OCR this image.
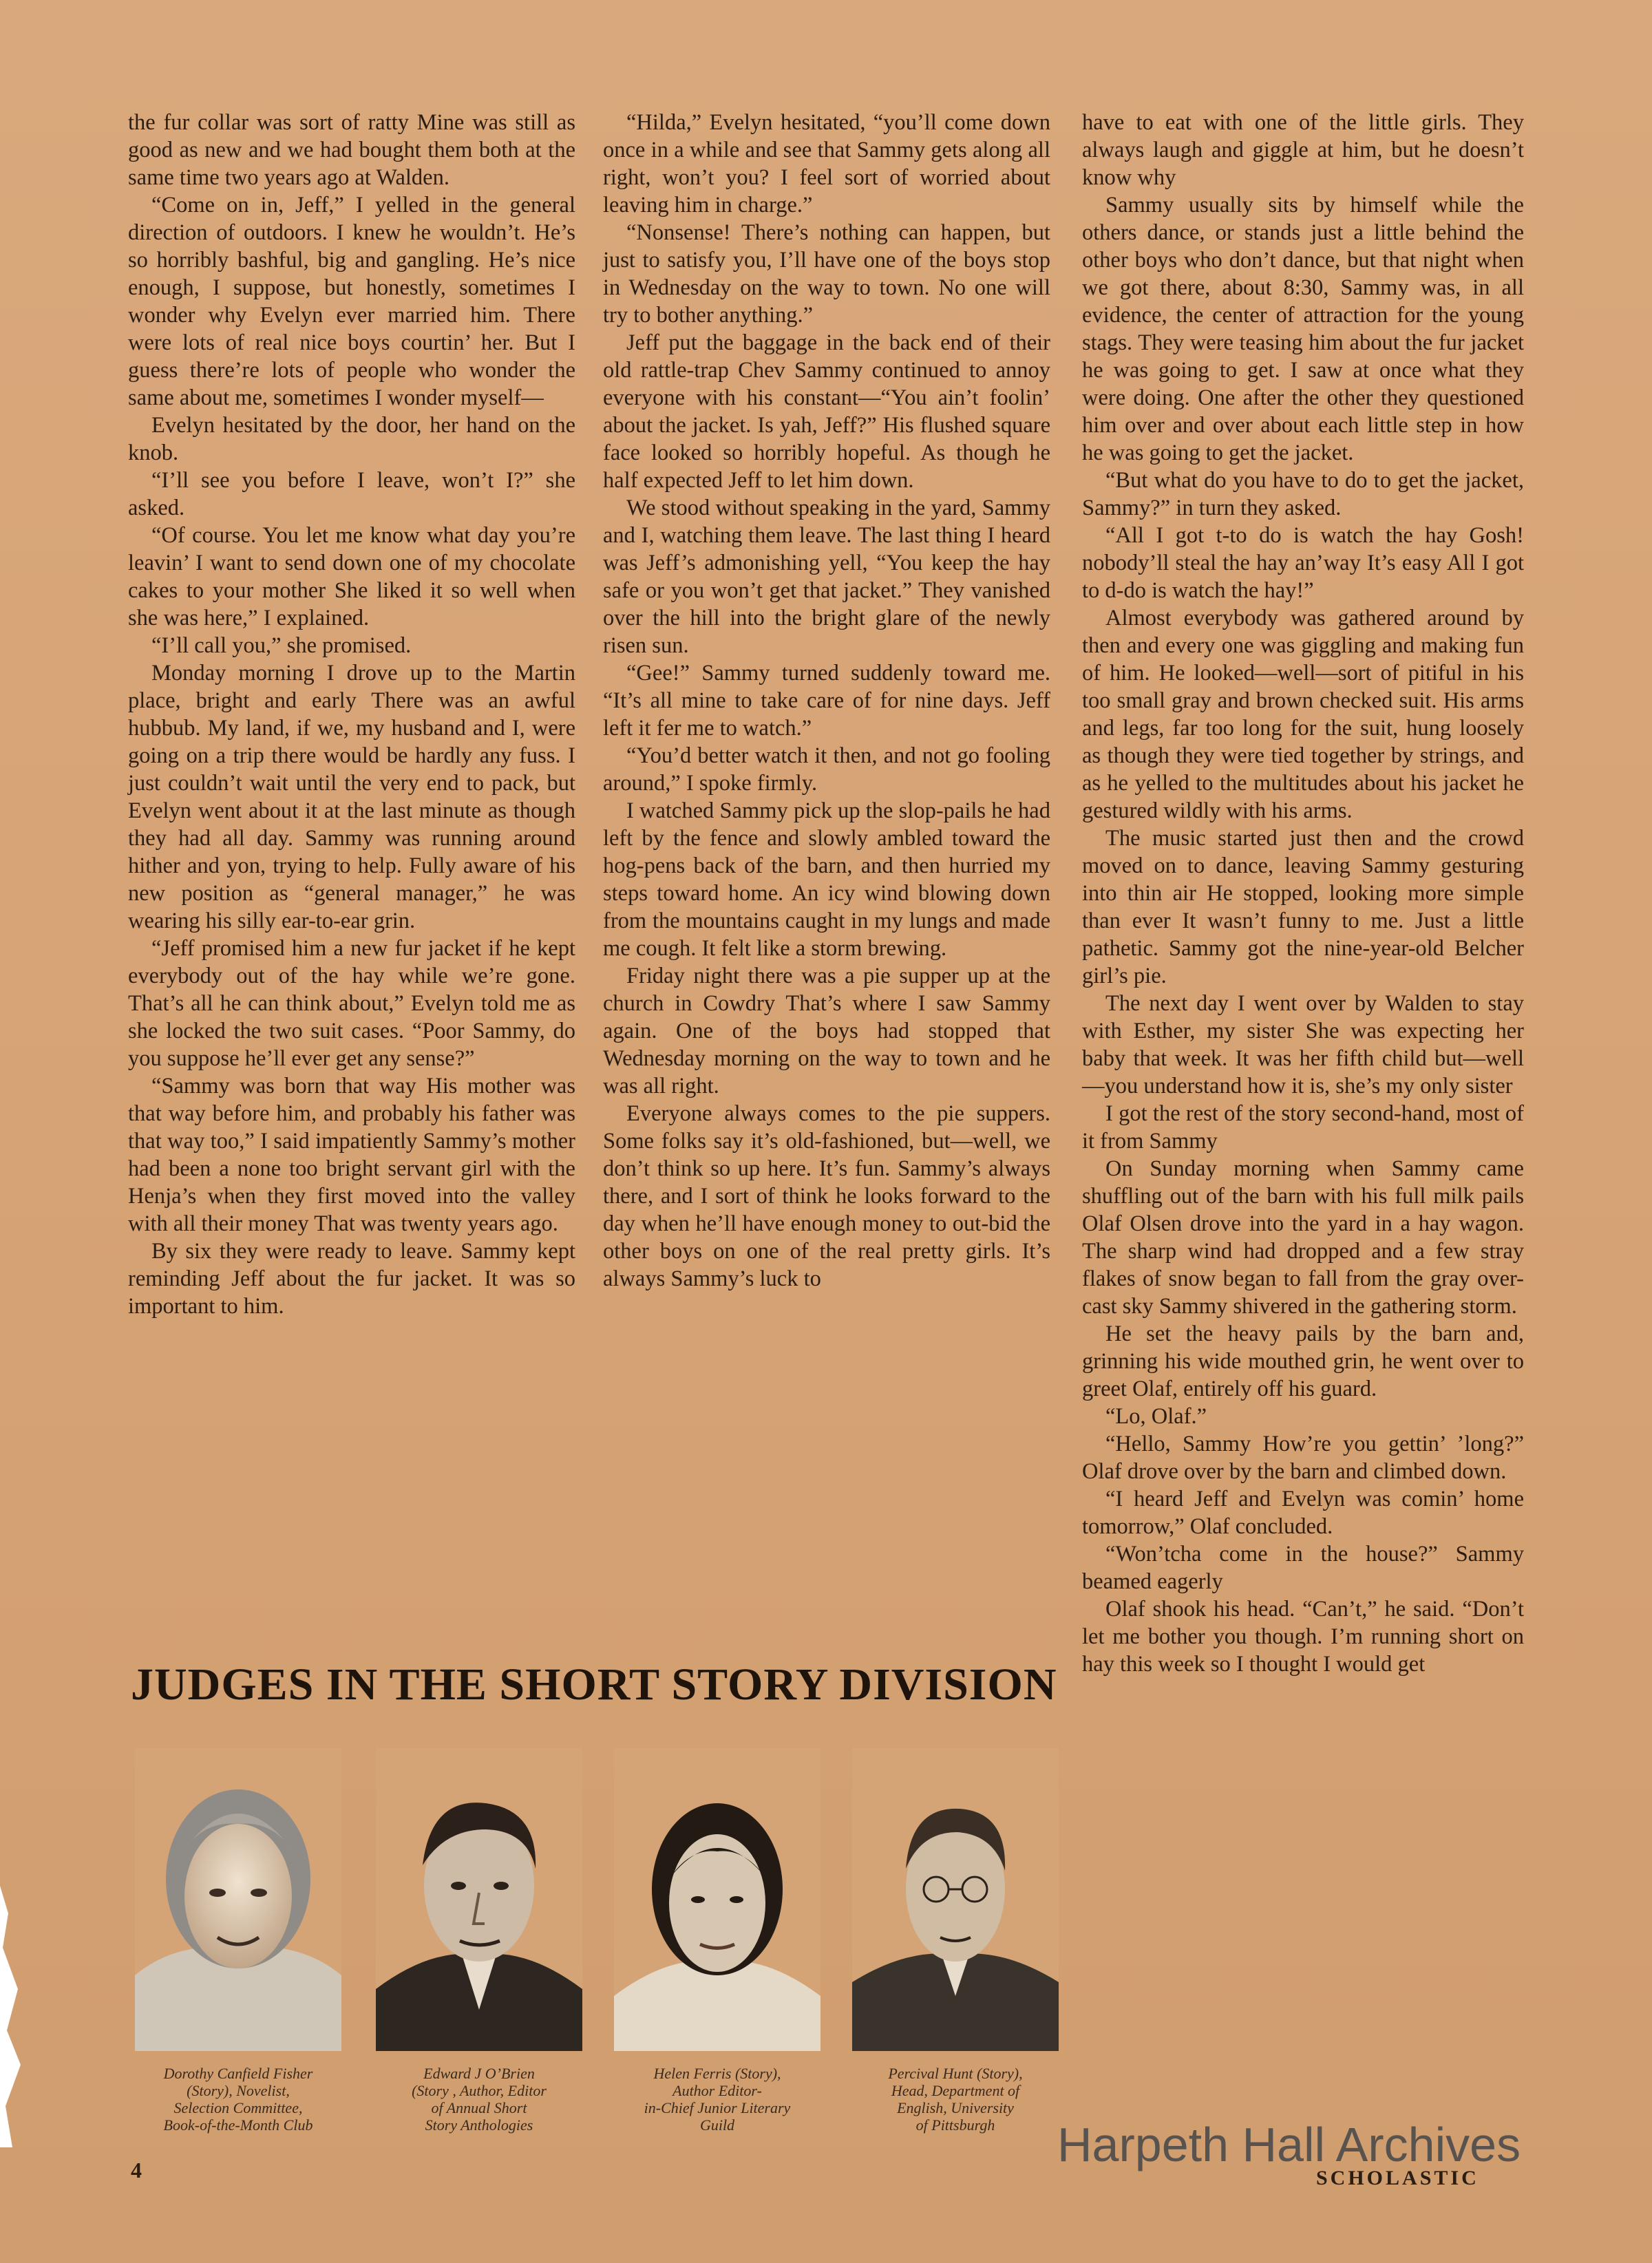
the fur collar was sort of ratty Mine was still as good as new and we had bought them both at the same time two years ago at Walden.

“Come on in, Jeff,” I yelled in the general direction of outdoors. I knew he wouldn’t. He’s so horribly bashful, big and gangling. He’s nice enough, I suppose, but honestly, sometimes I wonder why Evelyn ever married him. There were lots of real nice boys courtin’ her. But I guess there’re lots of people who wonder the same about me, sometimes I wonder myself—

Evelyn hesitated by the door, her hand on the knob.

“I’ll see you before I leave, won’t I?” she asked.

“Of course. You let me know what day you’re leavin’ I want to send down one of my chocolate cakes to your mother She liked it so well when she was here,” I explained.

“I’ll call you,” she promised.

Monday morning I drove up to the Martin place, bright and early There was an awful hubbub. My land, if we, my husband and I, were going on a trip there would be hardly any fuss. I just couldn’t wait until the very end to pack, but Evelyn went about it at the last minute as though they had all day. Sammy was running around hither and yon, trying to help. Fully aware of his new position as “general manager,” he was wearing his silly ear-to-ear grin.

“Jeff promised him a new fur jacket if he kept everybody out of the hay while we’re gone. That’s all he can think about,” Evelyn told me as she locked the two suit cases. “Poor Sammy, do you suppose he’ll ever get any sense?”

“Sammy was born that way His mother was that way before him, and probably his father was that way too,” I said impatiently Sammy’s mother had been a none too bright servant girl with the Henja’s when they first moved into the valley with all their money That was twenty years ago.

By six they were ready to leave. Sammy kept reminding Jeff about the fur jacket. It was so important to him.

“Hilda,” Evelyn hesitated, “you’ll come down once in a while and see that Sammy gets along all right, won’t you? I feel sort of worried about leaving him in charge.”

“Nonsense! There’s nothing can happen, but just to satisfy you, I’ll have one of the boys stop in Wednesday on the way to town. No one will try to bother anything.”

Jeff put the baggage in the back end of their old rattle-trap Chev Sammy continued to annoy everyone with his constant—“You ain’t foolin’ about the jacket. Is yah, Jeff?” His flushed square face looked so horribly hopeful. As though he half expected Jeff to let him down.

We stood without speaking in the yard, Sammy and I, watching them leave. The last thing I heard was Jeff’s admonishing yell, “You keep the hay safe or you won’t get that jacket.” They vanished over the hill into the bright glare of the newly risen sun.

“Gee!” Sammy turned suddenly toward me. “It’s all mine to take care of for nine days. Jeff left it fer me to watch.”

“You’d better watch it then, and not go fooling around,” I spoke firmly.

I watched Sammy pick up the slop-pails he had left by the fence and slowly ambled toward the hog-pens back of the barn, and then hurried my steps toward home. An icy wind blowing down from the mountains caught in my lungs and made me cough. It felt like a storm brewing.

Friday night there was a pie supper up at the church in Cowdry That’s where I saw Sammy again. One of the boys had stopped that Wednesday morning on the way to town and he was all right.

Everyone always comes to the pie suppers. Some folks say it’s old-fashioned, but—well, we don’t think so up here. It’s fun. Sammy’s always there, and I sort of think he looks forward to the day when he’ll have enough money to out-bid the other boys on one of the real pretty girls. It’s always Sammy’s luck to

have to eat with one of the little girls. They always laugh and giggle at him, but he doesn’t know why

Sammy usually sits by himself while the others dance, or stands just a little behind the other boys who don’t dance, but that night when we got there, about 8:30, Sammy was, in all evidence, the center of attraction for the young stags. They were teasing him about the fur jacket he was going to get. I saw at once what they were doing. One after the other they questioned him over and over about each little step in how he was going to get the jacket.

“But what do you have to do to get the jacket, Sammy?” in turn they asked.

“All I got t-to do is watch the hay Gosh! nobody’ll steal the hay an’way It’s easy All I got to d-do is watch the hay!”

Almost everybody was gathered around by then and every one was giggling and making fun of him. He looked—well—sort of pitiful in his too small gray and brown checked suit. His arms and legs, far too long for the suit, hung loosely as though they were tied together by strings, and as he yelled to the multitudes about his jacket he gestured wildly with his arms.

The music started just then and the crowd moved on to dance, leaving Sammy gesturing into thin air He stopped, looking more simple than ever It wasn’t funny to me. Just a little pathetic. Sammy got the nine-year-old Belcher girl’s pie.

The next day I went over by Walden to stay with Esther, my sister She was expecting her baby that week. It was her fifth child but—well—you understand how it is, she’s my only sister

I got the rest of the story second-hand, most of it from Sammy

On Sunday morning when Sammy came shuffling out of the barn with his full milk pails Olaf Olsen drove into the yard in a hay wagon. The sharp wind had dropped and a few stray flakes of snow began to fall from the gray over-cast sky Sammy shivered in the gathering storm.

He set the heavy pails by the barn and, grinning his wide mouthed grin, he went over to greet Olaf, entirely off his guard.

“Lo, Olaf.”

“Hello, Sammy How’re you gettin’ ’long?” Olaf drove over by the barn and climbed down.

“I heard Jeff and Evelyn was comin’ home tomorrow,” Olaf concluded.

“Won’tcha come in the house?” Sammy beamed eagerly

Olaf shook his head. “Can’t,” he said. “Don’t let me bother you though. I’m running short on hay this week so I thought I would get

JUDGES IN THE SHORT STORY DIVISION
Dorothy Canfield Fisher
(Story), Novelist,
Selection Committee,
Book-of-the-Month Club
Edward J O’Brien
(Story , Author, Editor
of Annual Short
Story Anthologies
Helen Ferris (Story),
Author Editor-
in-Chief Junior Literary
Guild
Percival Hunt (Story),
Head, Department of
English, University
of Pittsburgh
4	Harpeth Hall Archives
SCHOLASTIC
